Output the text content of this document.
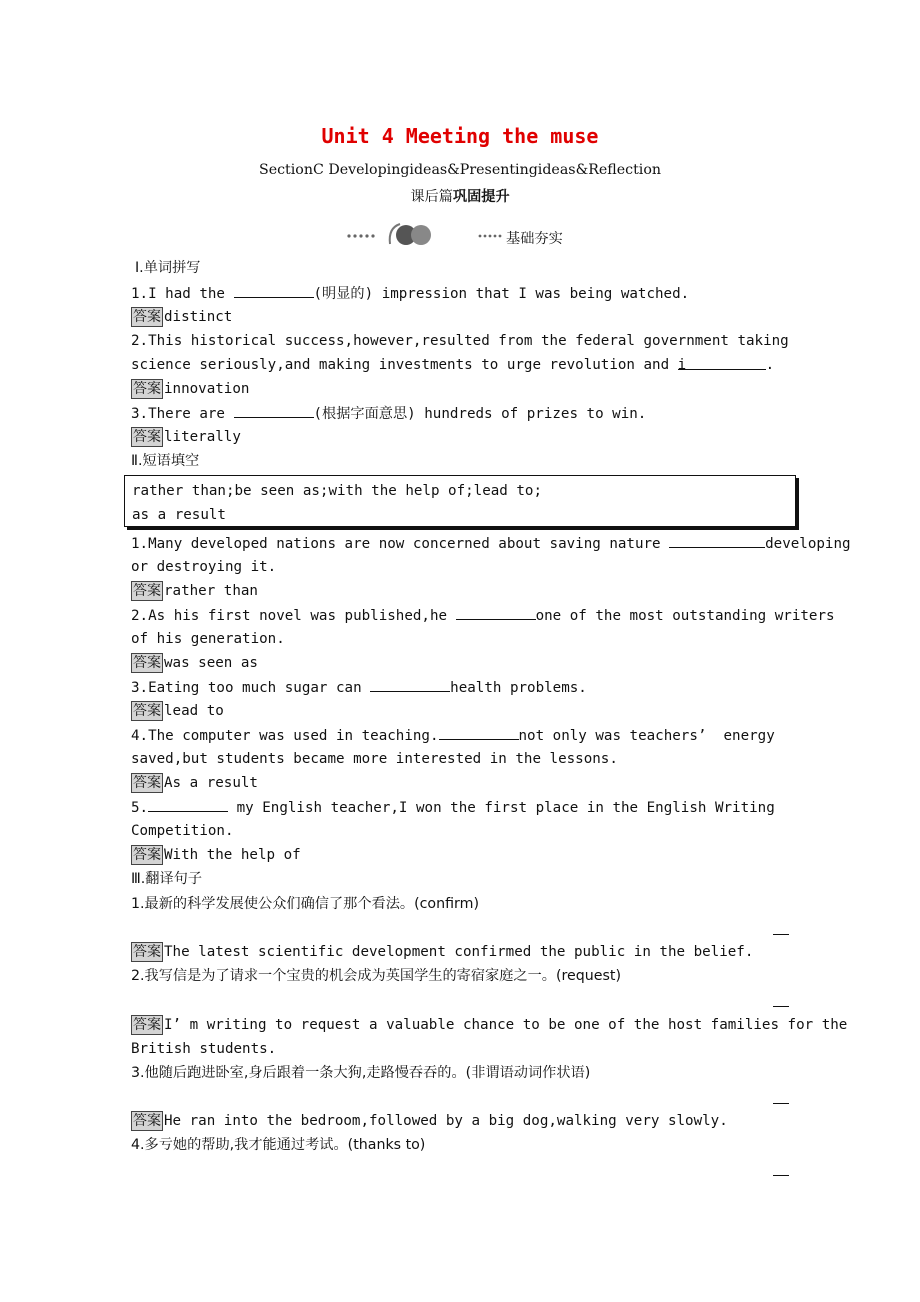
Unit 4 Meeting the muse
SectionC Developingideas&Presentingideas&Reflection
课后篇巩固提升
基础夯实
Ⅰ.单词拼写
1.I had the	(明显的) impression that I was being watched.
答案 distinct
2.This historical success,however,resulted from the federal government taking
science seriously,and making investments to urge revolution and i	.
答案 innovation
3.There are	(根据字面意思) hundreds of prizes to win.
答案 literally
Ⅱ.短语填空
rather than;be seen as;with the help of;lead to;
as a result
1.Many developed nations are now concerned about saving nature	developing
or destroying it.
答案 rather than
2.As his first novel was published,he	one of the most outstanding writers
of his generation.
答案 was seen as
3.Eating too much sugar can	health problems.
答案 lead to
4.The computer was used in teaching.	not only was teachers’  energy
saved,but students became more interested in the lessons.
答案 As a result
5.	my English teacher,I won the first place in the English Writing
Competition.
答案 With the help of
Ⅲ.翻译句子
1.最新的科学发展使公众们确信了那个看法。(confirm)
答案 The latest scientific development confirmed the public in the belief.
2.我写信是为了请求一个宝贵的机会成为英国学生的寄宿家庭之一。(request)
答案 I’ m writing to request a valuable chance to be one of the host families for the
British students.
3.他随后跑进卧室,身后跟着一条大狗,走路慢吞吞的。(非谓语动词作状语)
答案 He ran into the bedroom,followed by a big dog,walking very slowly.
4.多亏她的帮助,我才能通过考试。(thanks to)
